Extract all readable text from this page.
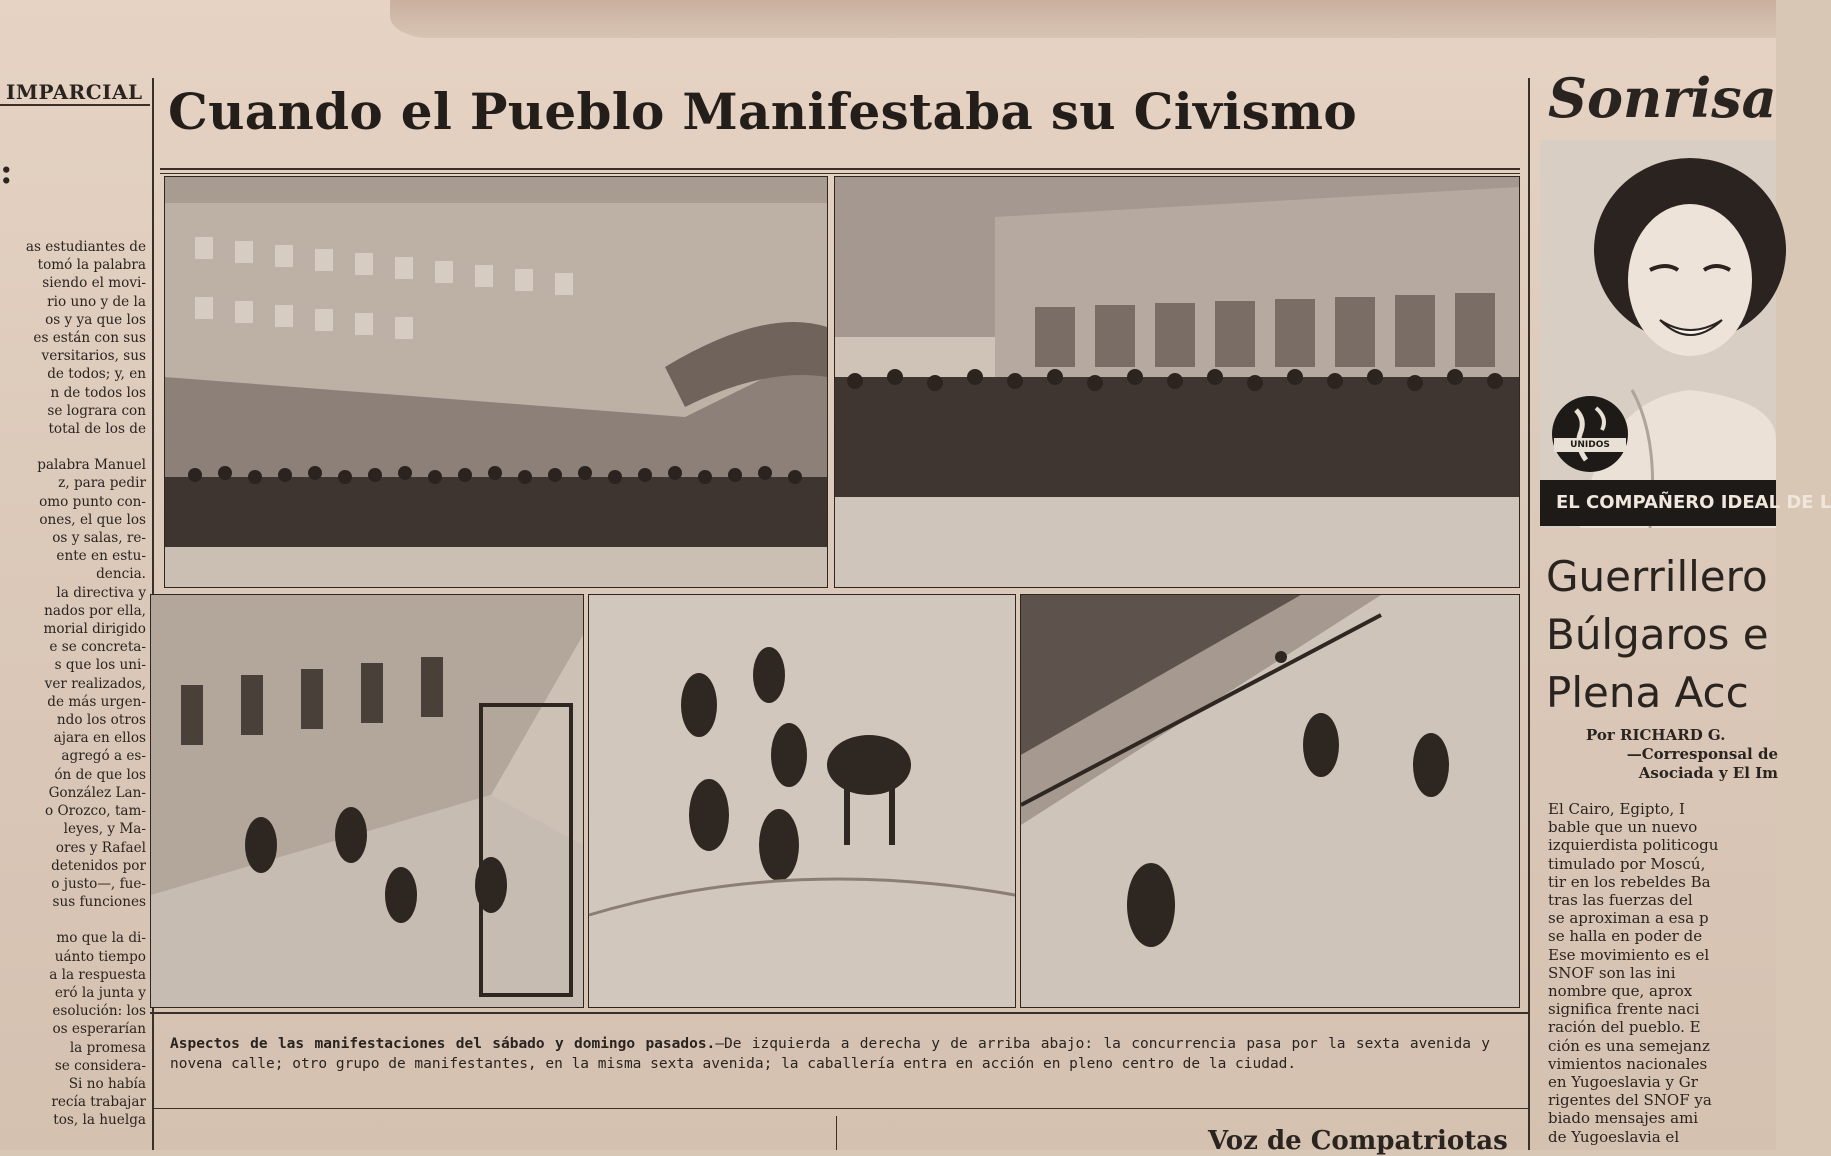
IMPARCIAL
:
as estudiantes de
tomó la palabra
siendo el movi-
rio uno y de la
os y ya que los
es están con sus
versitarios, sus
de todos; y, en
n de todos los
se lograra con
total de los de
palabra Manuel
z, para pedir
omo punto con-
ones, el que los
os y salas, re-
ente en estu-
dencia.
la directiva y
nados por ella,
morial dirigido
e se concreta-
s que los uni-
ver realizados,
de más urgen-
ndo los otros
ajara en ellos
agregó a es-
ón de que los
González Lan-
o Orozco, tam-
leyes, y Ma-
ores y Rafael
detenidos por
o justo—, fue-
sus funciones
mo que la di-
uánto tiempo
a la respuesta
eró la junta y
esolución: los
os esperarían
la promesa
se considera-
Si no había
recía trabajar
tos, la huelga
Cuando el Pueblo Manifestaba su Civismo
Aspectos de las manifestaciones del sábado y domingo pasados.—De izquierda a derecha y de arriba abajo: la concurrencia pasa por la sexta avenida y novena calle; otro grupo de manifestantes, en la misma sexta avenida; la caballería entra en acción en pleno centro de la ciudad.
Voz de Compatriotas
Sonrisa
UNIDOS
EL COMPAÑERO IDEAL DE L
Guerrillero
Búlgaros e
Plena Acc
Por RICHARD G.
—Corresponsal de
Asociada y El Im
El Cairo, Egipto, I
bable que un nuevo
izquierdista politicogu
timulado por Moscú,
tir en los rebeldes Ba
tras las fuerzas del
se aproximan a esa p
se halla en poder de
Ese movimiento es el
SNOF son las ini
nombre que, aprox
significa frente naci
ración del pueblo. E
ción es una semejanz
vimientos nacionales
en Yugoeslavia y Gr
rigentes del SNOF ya
biado mensajes ami
de Yugoeslavia el
